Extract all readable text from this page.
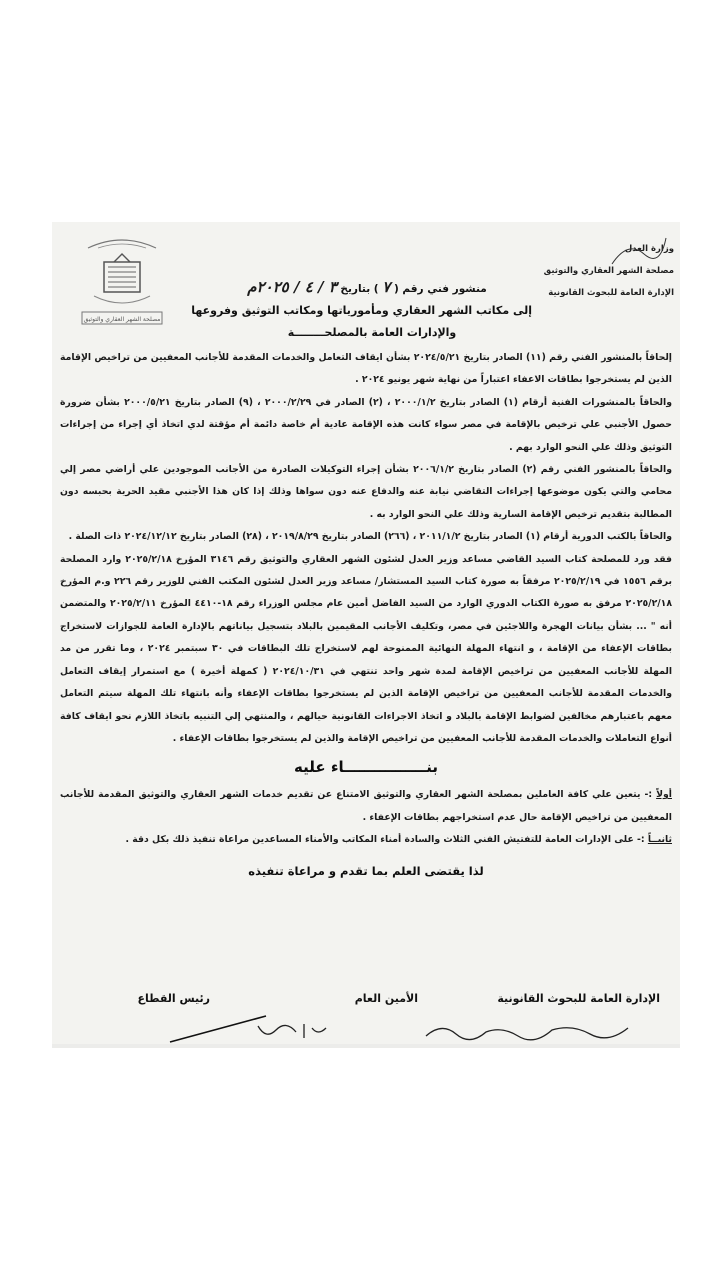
مصلحة الشهر العقاري والتوثيق
وزارة العدل
مصلحة الشهر العقاري والتوثيق
الإدارة العامة للبحوث القانونية
منشور فني رقم ( ٧ ) بتاريخ ٣ / ٤ / ٢٠٢٥م
إلى مكاتب الشهر العقاري ومأمورياتها ومكاتب التوثيق وفروعها
والإدارات العامة بالمصلحــــــــة

إلحاقاً بالمنشور الفني رقم (١١) الصادر بتاريخ ٢٠٢٤/٥/٢١ بشأن ايقاف التعامل والخدمات المقدمة للأجانب المعفيين من تراخيص الإقامة الذين لم يستخرجوا بطاقات الاعفاء اعتباراً من نهاية شهر يونيو ٢٠٢٤ .

والحاقاً بالمنشورات الفنية أرقام (١) الصادر بتاريخ ٢٠٠٠/١/٢ ، (٢) الصادر في ٢٠٠٠/٢/٢٩ ، (٩) الصادر بتاريخ ٢٠٠٠/٥/٢١ بشأن ضرورة حصول الأجنبي علي ترخيص بالإقامة في مصر سواء كانت هذه الإقامة عادية أم خاصة دائمة أم مؤقتة لدي اتخاذ أي إجراء من إجراءات التوثيق وذلك علي النحو الوارد بهم .

والحاقاً بالمنشور الفني رقم (٢) الصادر بتاريخ ٢٠٠٦/١/٢ بشأن إجراء التوكيلات الصادرة من الأجانب الموجودين علي أراضي مصر إلي محامي والتي يكون موضوعها إجراءات التقاضي نيابة عنه والدفاع عنه دون سواها وذلك إذا كان هذا الأجنبي مقيد الحرية بحبسه دون المطالبة بتقديم ترخيص الإقامة السارية وذلك علي النحو الوارد به .

والحاقاً بالكتب الدورية أرقام (١) الصادر بتاريخ ٢٠١١/١/٢ ، (٢٦٦) الصادر بتاريخ ٢٠١٩/٨/٢٩ ، (٢٨) الصادر بتاريخ ٢٠٢٤/١٢/١٢ ذات الصلة .

فقد ورد للمصلحة كتاب السيد القاضي مساعد وزير العدل لشئون الشهر العقاري والتوثيق رقم ٣١٤٦ المؤرخ ٢٠٢٥/٢/١٨ وارد المصلحة برقم ١٥٥٦ في ٢٠٢٥/٢/١٩ مرفقاً به صورة كتاب السيد المستشار/ مساعد وزير العدل لشئون المكتب الفني للوزير رقم ٢٢٦ و.م المؤرخ ٢٠٢٥/٢/١٨ مرفق به صورة الكتاب الدوري الوارد من السيد الفاضل أمين عام مجلس الوزراء رقم ١٨-٤٤١٠ المؤرخ ٢٠٢٥/٢/١١ والمتضمن أنه " ... بشأن بيانات الهجرة واللاجئين في مصر، وتكليف الأجانب المقيمين بالبلاد بتسجيل بياناتهم بالإدارة العامة للجوازات لاستخراج بطاقات الإعفاء من الإقامة ، و انتهاء المهلة النهائية الممنوحة لهم لاستخراج تلك البطاقات في ٣٠ سبتمبر ٢٠٢٤ ، وما تقرر من مد المهلة للأجانب المعفيين من تراخيص الإقامة لمدة شهر واحد تنتهي في ٢٠٢٤/١٠/٣١ ( كمهلة أخيرة ) مع استمرار إيقاف التعامل والخدمات المقدمة للأجانب المعفيين من تراخيص الإقامة الذين لم يستخرجوا بطاقات الإعفاء وأنه بانتهاء تلك المهلة سيتم التعامل معهم باعتبارهم مخالفين لضوابط الإقامة بالبلاد و اتخاذ الاجراءات القانونية حيالهم ، والمنتهي إلي التنبيه باتخاذ اللازم نحو ايقاف كافة أنواع التعاملات والخدمات المقدمة للأجانب المعفيين من تراخيص الإقامة والذين لم يستخرجوا بطاقات الإعفاء .

بنــــــــــــــــاء عليه

أولاً :- يتعين علي كافة العاملين بمصلحة الشهر العقاري والتوثيق الامتناع عن تقديم خدمات الشهر العقاري والتوثيق المقدمة للأجانب المعفيين من تراخيص الإقامة حال عدم استخراجهم بطاقات الإعفاء .

ثانيــاً :- على الإدارات العامة للتفتيش الفني الثلاث والسادة أمناء المكاتب والأمناء المساعدين مراعاة تنفيذ ذلك بكل دقة .

لذا يقتضى العلم بما تقدم و مراعاة تنفيذه

الإدارة العامة للبحوث القانونية
الأمين العام
رئيس القطاع
